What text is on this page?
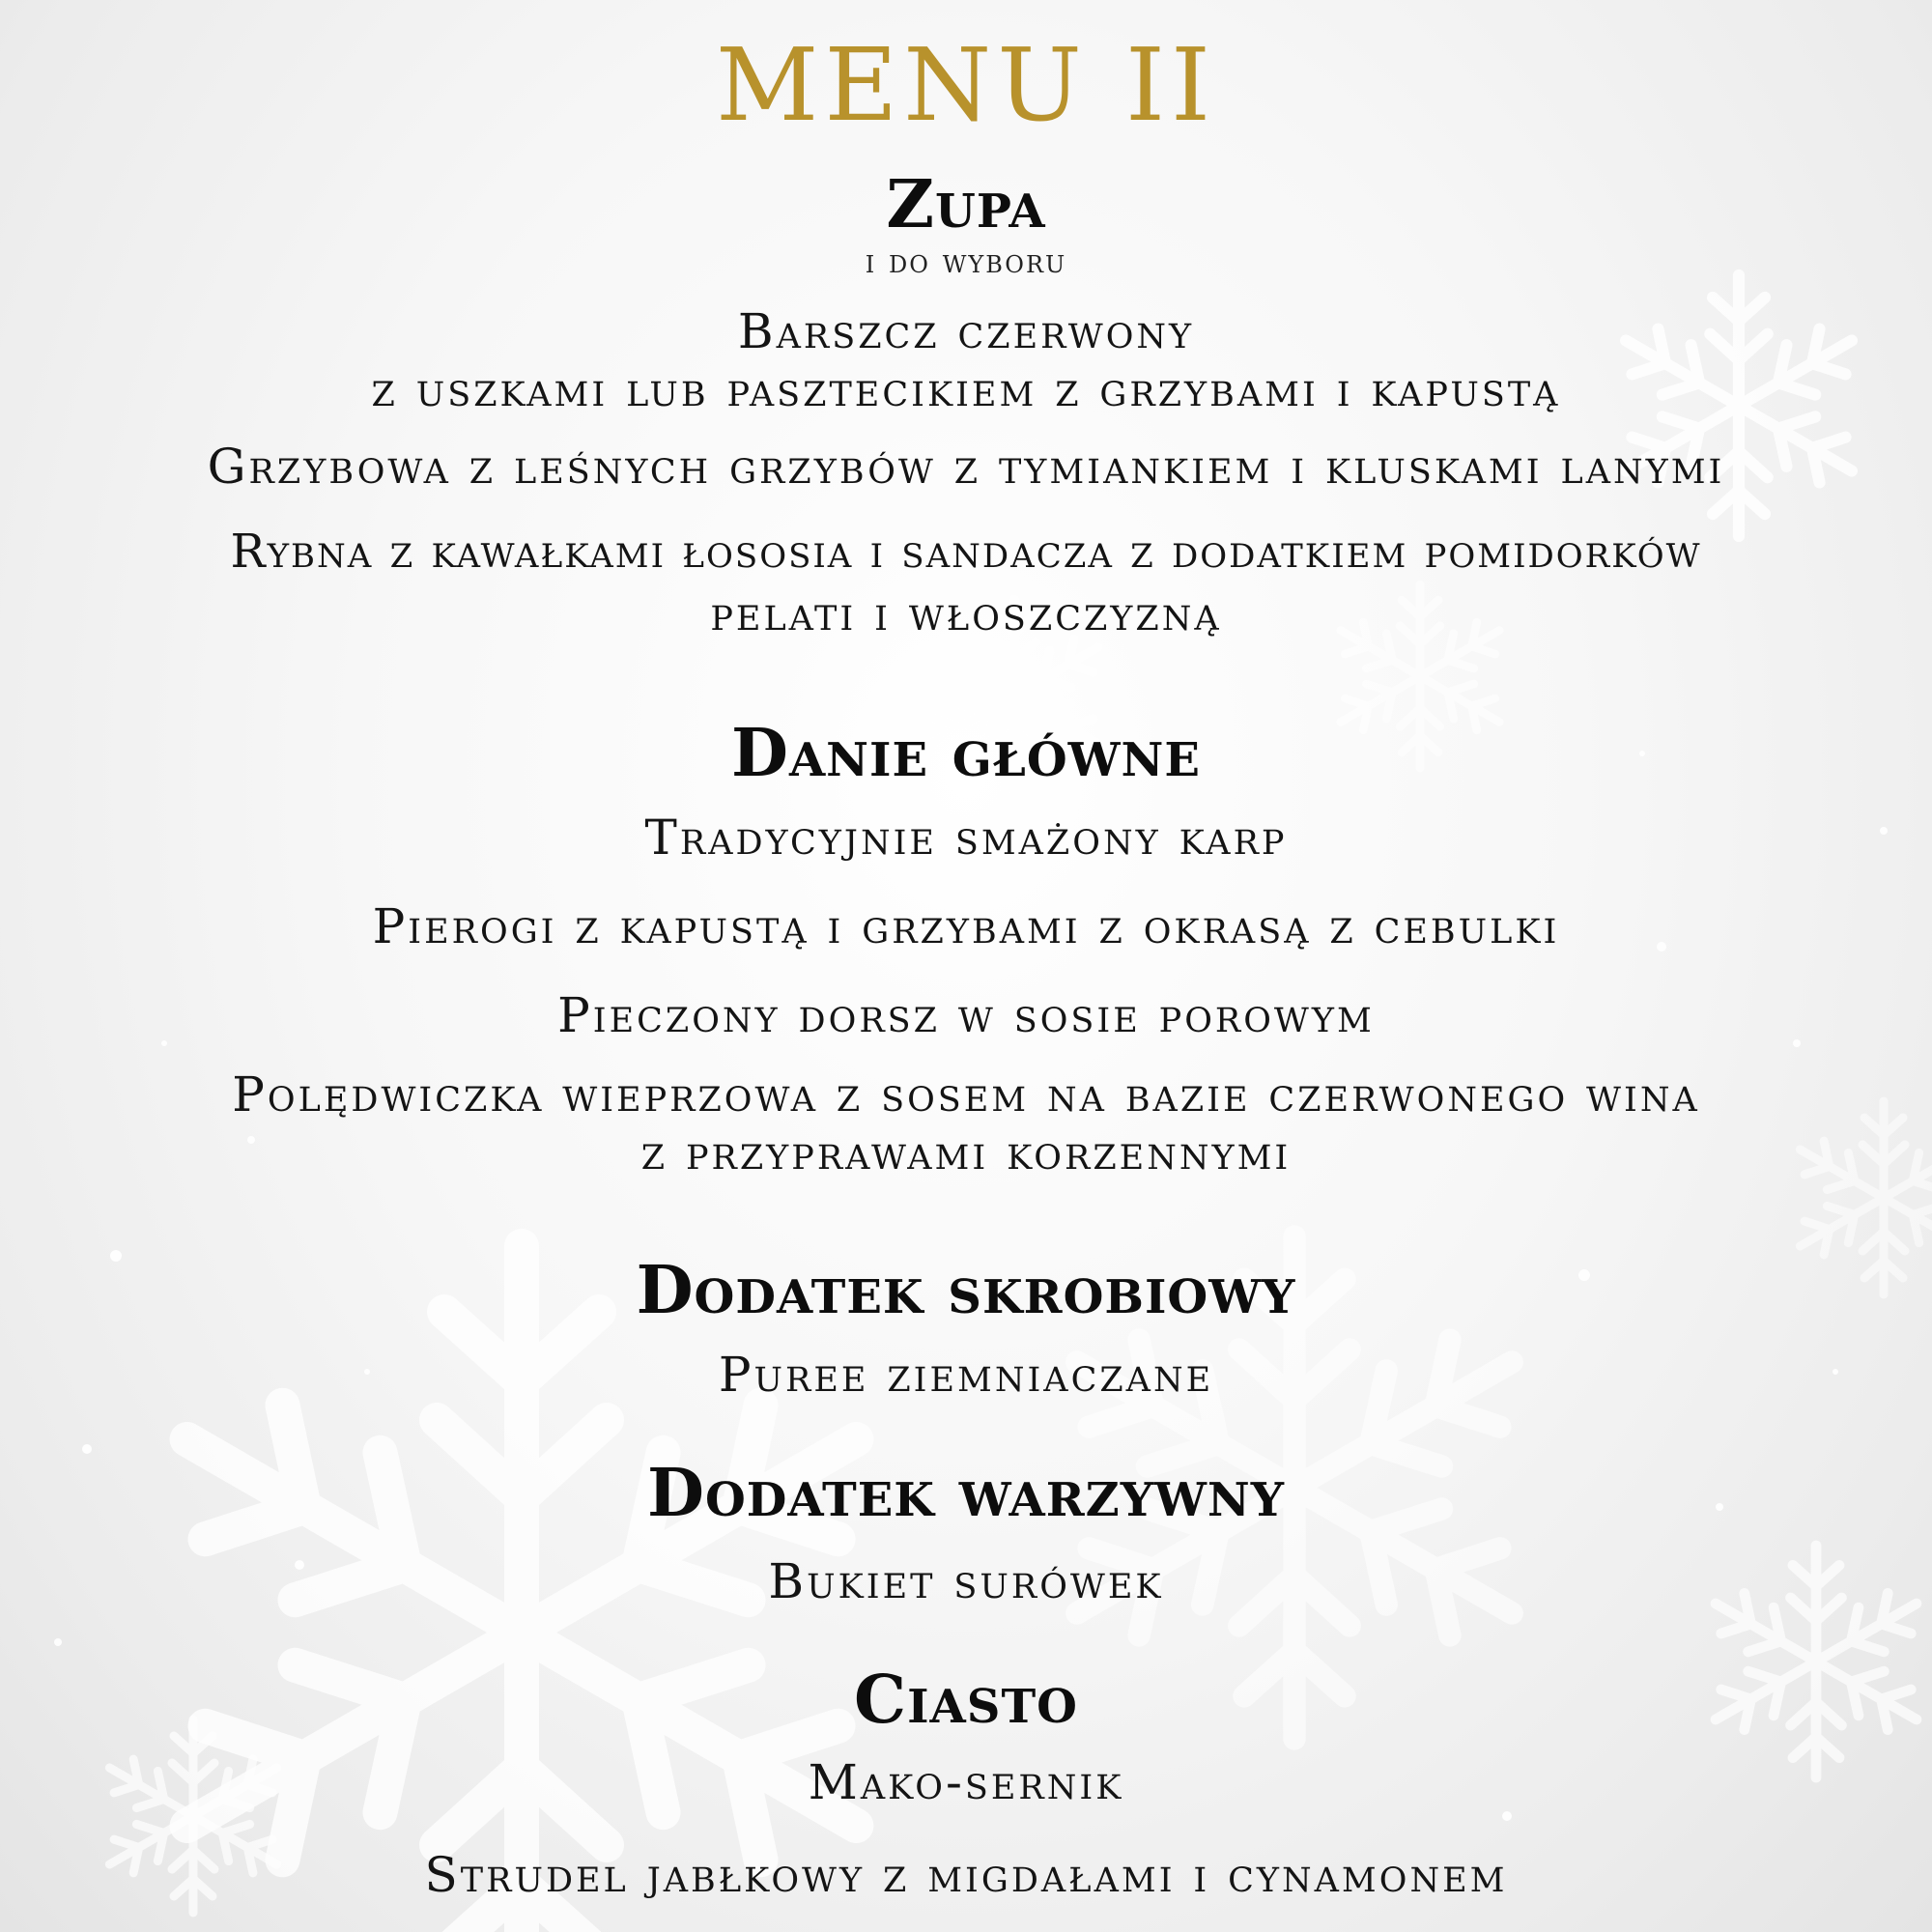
MENU II
Zupa
i do wyboru
Barszcz czerwony
z uszkami lub pasztecikiem z grzybami i kapustą
Grzybowa z leśnych grzybów z tymiankiem i kluskami lanymi
Rybna z kawałkami łososia i sandacza z dodatkiem pomidorków
pelati i włoszczyzną
Danie główne
Tradycyjnie smażony karp
Pierogi z kapustą i grzybami z okrasą z cebulki
Pieczony dorsz w sosie porowym
Polędwiczka wieprzowa z sosem na bazie czerwonego wina
z przyprawami korzennymi
Dodatek skrobiowy
Puree ziemniaczane
Dodatek warzywny
Bukiet surówek
Ciasto
Mako-sernik
Strudel jabłkowy z migdałami i cynamonem
